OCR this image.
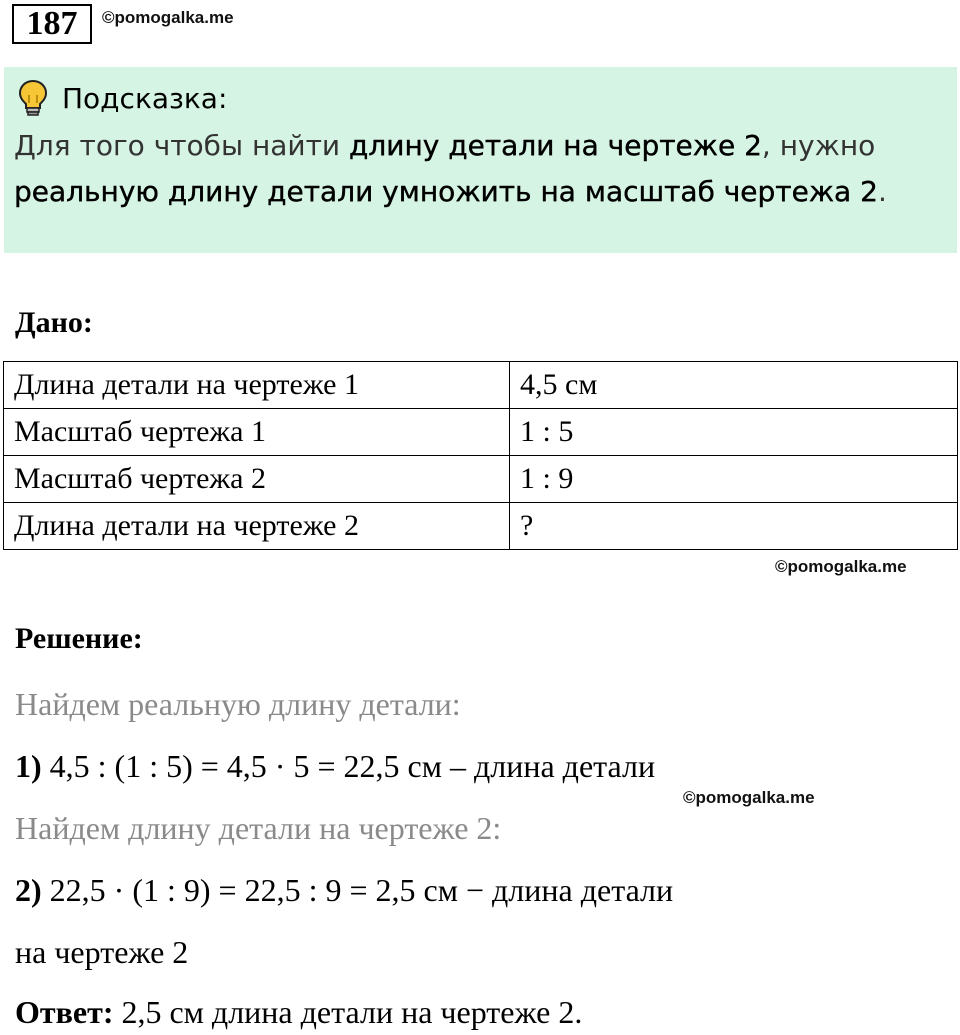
187	©pomogalka.me
Подсказка:
Для того чтобы найти длину детали на чертеже 2, нужно реальную длину детали умножить на масштаб чертежа 2.
Дано:
Длина детали на чертеже 1	4,5 см
Масштаб чертежа 1	1 : 5
Масштаб чертежа 2	1 : 9
Длина детали на чертеже 2	?
©pomogalka.me
Решение:
Найдем реальную длину детали:
1) 4,5 : (1 : 5) = 4,5 · 5 = 22,5 см – длина детали
©pomogalka.me
Найдем длину детали на чертеже 2:
2) 22,5 · (1 : 9) = 22,5 : 9 = 2,5 см − длина детали
на чертеже 2
Ответ: 2,5 см длина детали на чертеже 2.
